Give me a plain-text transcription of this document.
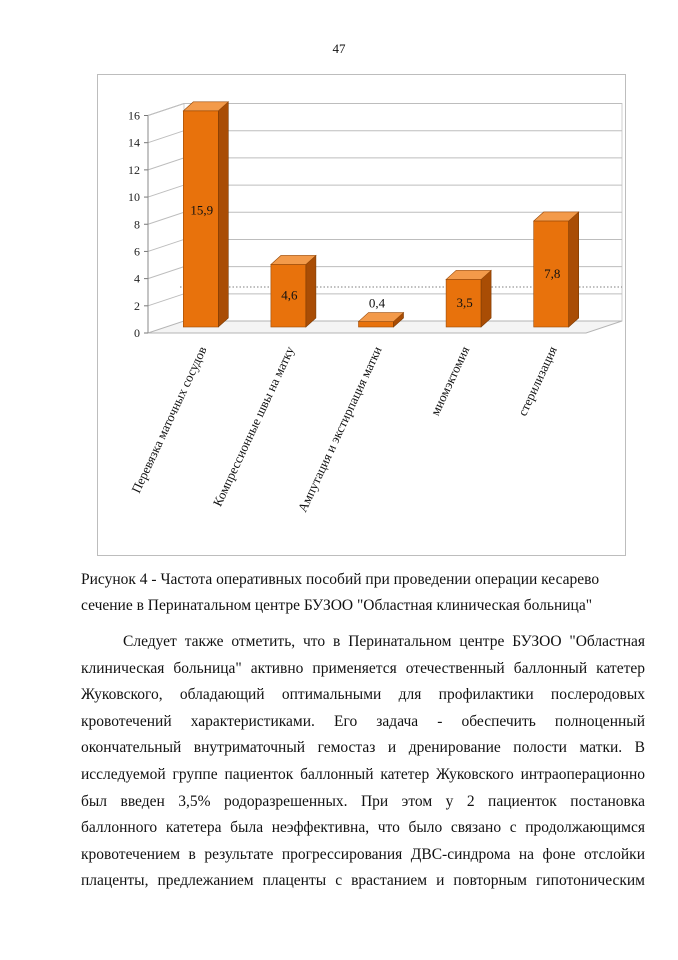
47
0
2
4
6
8
10
12
14
16
15,9
Перевязка маточных сосудов
4,6
Компрессионные швы на матку
0,4
Ампутация и экстирпация матки
3,5
миомэктомия
7,8
стерилизация

Рисунок 4 - Частота оперативных пособий при проведении операции кесарево

сечение в Перинатальном центре БУЗОО "Областная клиническая больница"

Следует также отметить, что в Перинатальном центре БУЗОО "Областная
клиническая больница" активно применяется отечественный баллонный катетер
Жуковского, обладающий оптимальными для профилактики послеродовых
кровотечений характеристиками. Его задача - обеспечить полноценный
окончательный внутриматочный гемостаз и дренирование полости матки. В
исследуемой группе пациенток баллонный катетер Жуковского интраоперационно
был введен 3,5% родоразрешенных. При этом у 2 пациенток постановка
баллонного катетера была неэффективна, что было связано с продолжающимся
кровотечением в результате прогрессирования ДВС-синдрома на фоне отслойки
плаценты, предлежанием плаценты с врастанием и повторным гипотоническим
